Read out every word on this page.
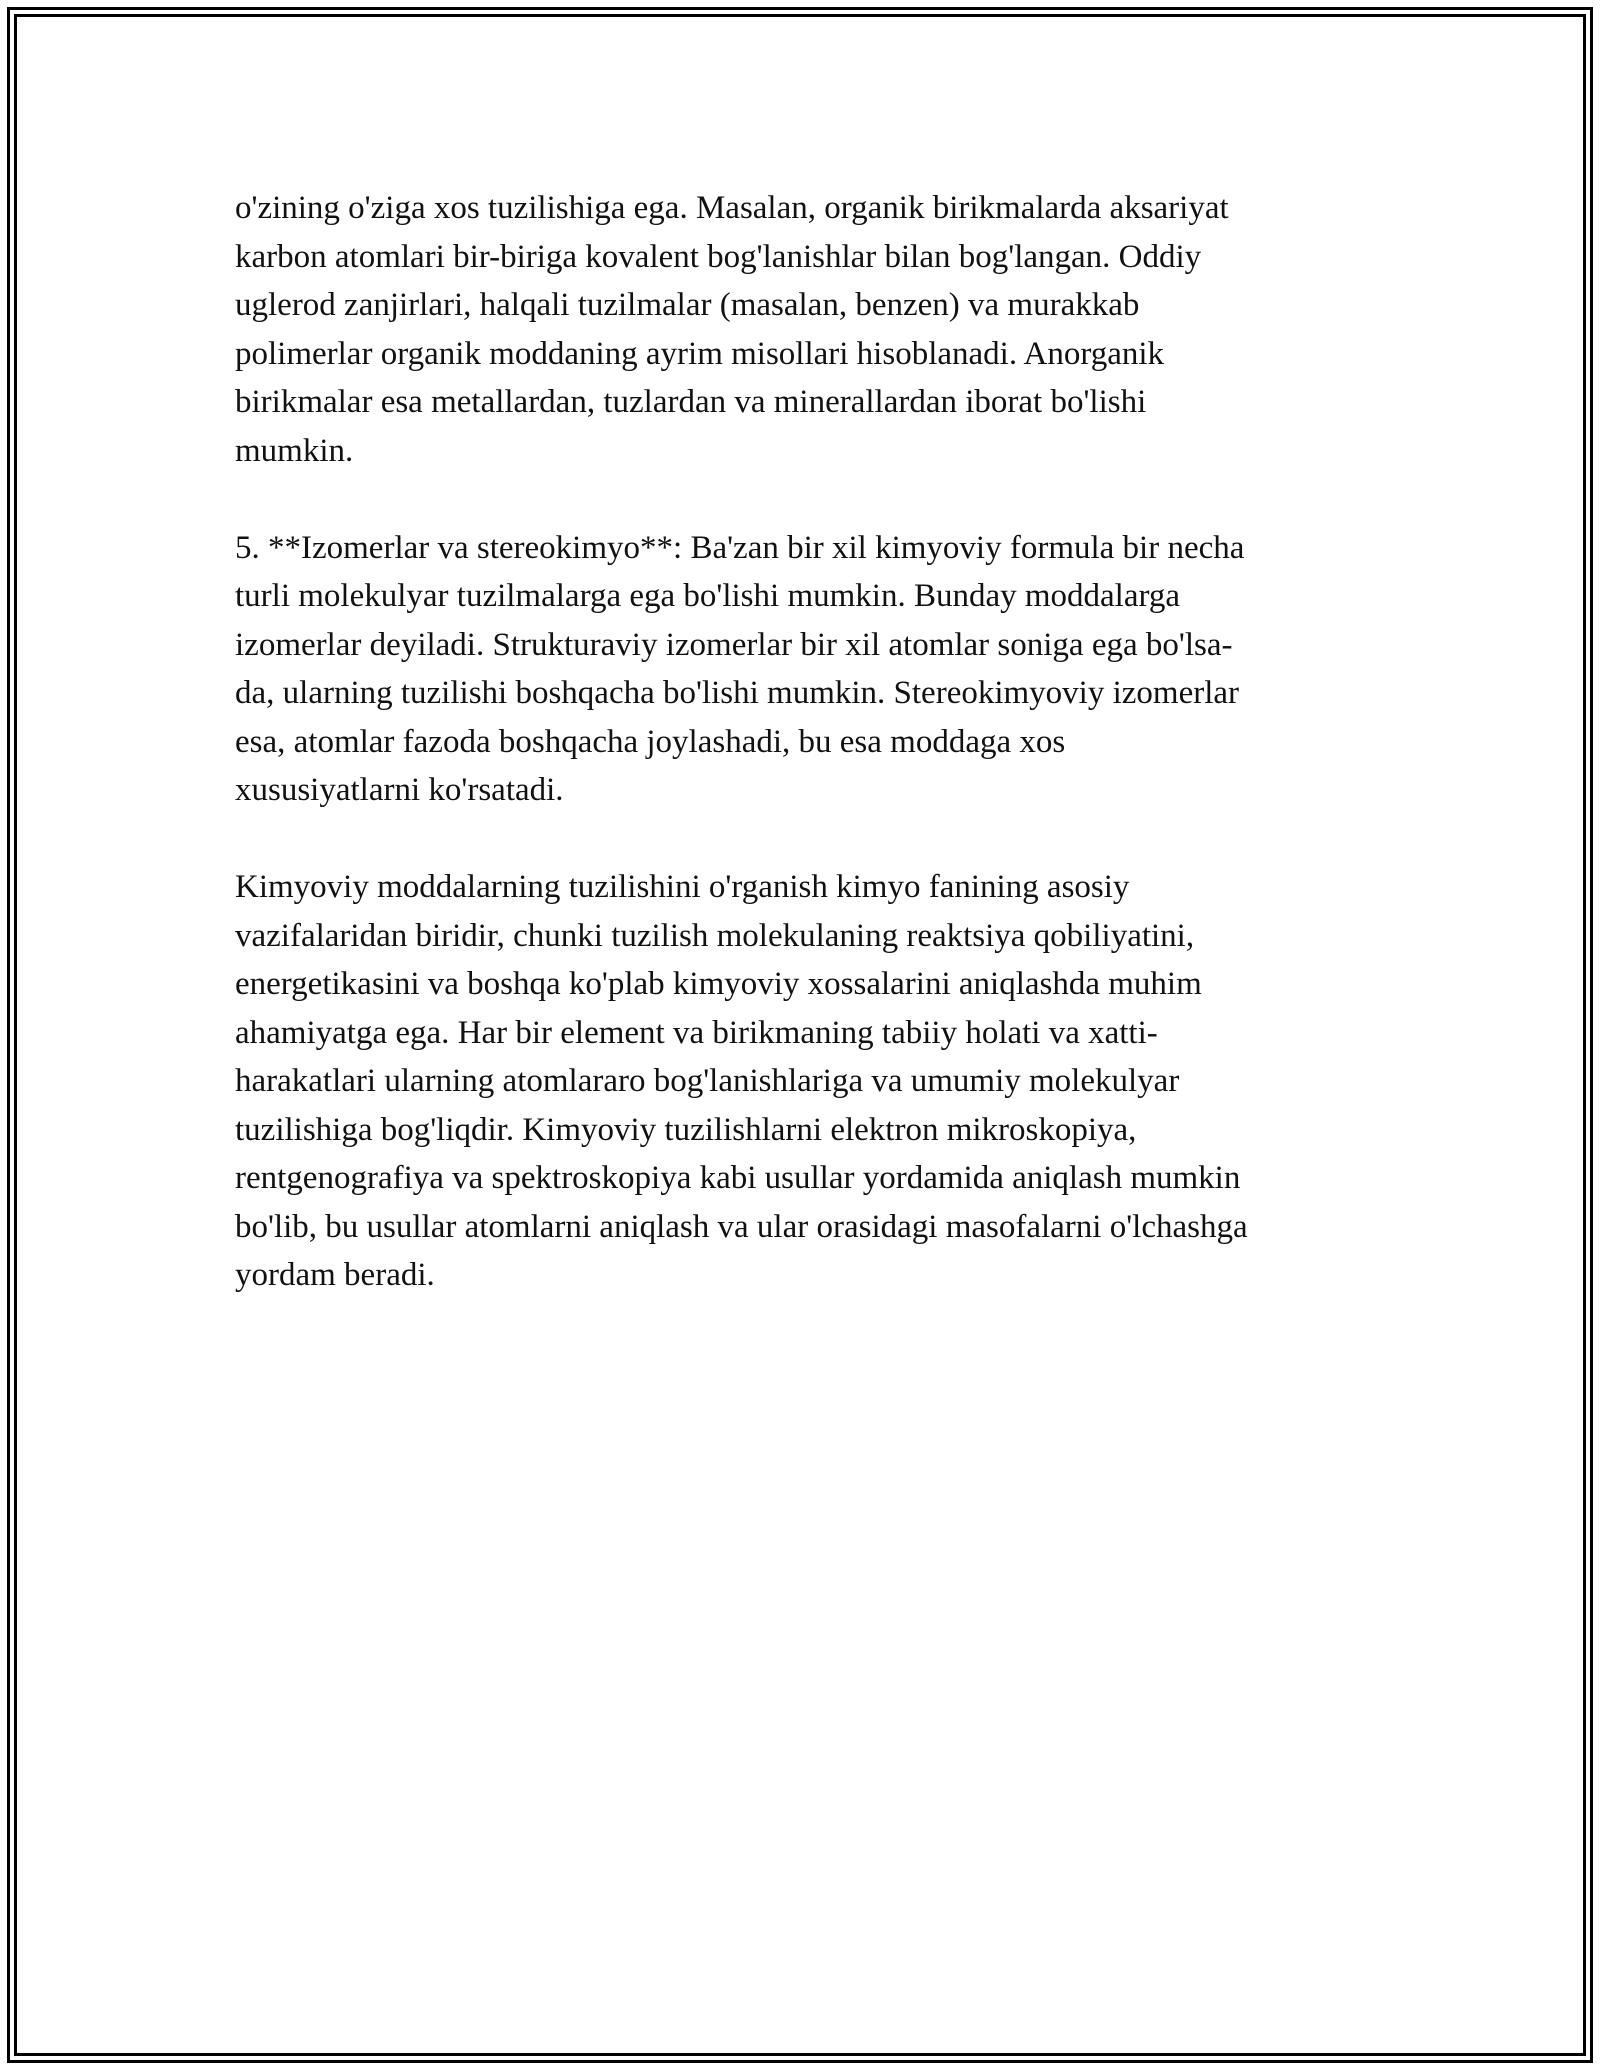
o'zining o'ziga xos tuzilishiga ega. Masalan, organik birikmalarda aksariyat
karbon atomlari bir-biriga kovalent bog'lanishlar bilan bog'langan. Oddiy
uglerod zanjirlari, halqali tuzilmalar (masalan, benzen) va murakkab
polimerlar organik moddaning ayrim misollari hisoblanadi. Anorganik
birikmalar esa metallardan, tuzlardan va minerallardan iborat bo'lishi
mumkin.
5. **Izomerlar va stereokimyo**: Ba'zan bir xil kimyoviy formula bir necha
turli molekulyar tuzilmalarga ega bo'lishi mumkin. Bunday moddalarga
izomerlar deyiladi. Strukturaviy izomerlar bir xil atomlar soniga ega bo'lsa-
da, ularning tuzilishi boshqacha bo'lishi mumkin. Stereokimyoviy izomerlar
esa, atomlar fazoda boshqacha joylashadi, bu esa moddaga xos
xususiyatlarni ko'rsatadi.
Kimyoviy moddalarning tuzilishini o'rganish kimyo fanining asosiy
vazifalaridan biridir, chunki tuzilish molekulaning reaktsiya qobiliyatini,
energetikasini va boshqa ko'plab kimyoviy xossalarini aniqlashda muhim
ahamiyatga ega. Har bir element va birikmaning tabiiy holati va xatti-
harakatlari ularning atomlararo bog'lanishlariga va umumiy molekulyar
tuzilishiga bog'liqdir. Kimyoviy tuzilishlarni elektron mikroskopiya,
rentgenografiya va spektroskopiya kabi usullar yordamida aniqlash mumkin
bo'lib, bu usullar atomlarni aniqlash va ular orasidagi masofalarni o'lchashga
yordam beradi.
